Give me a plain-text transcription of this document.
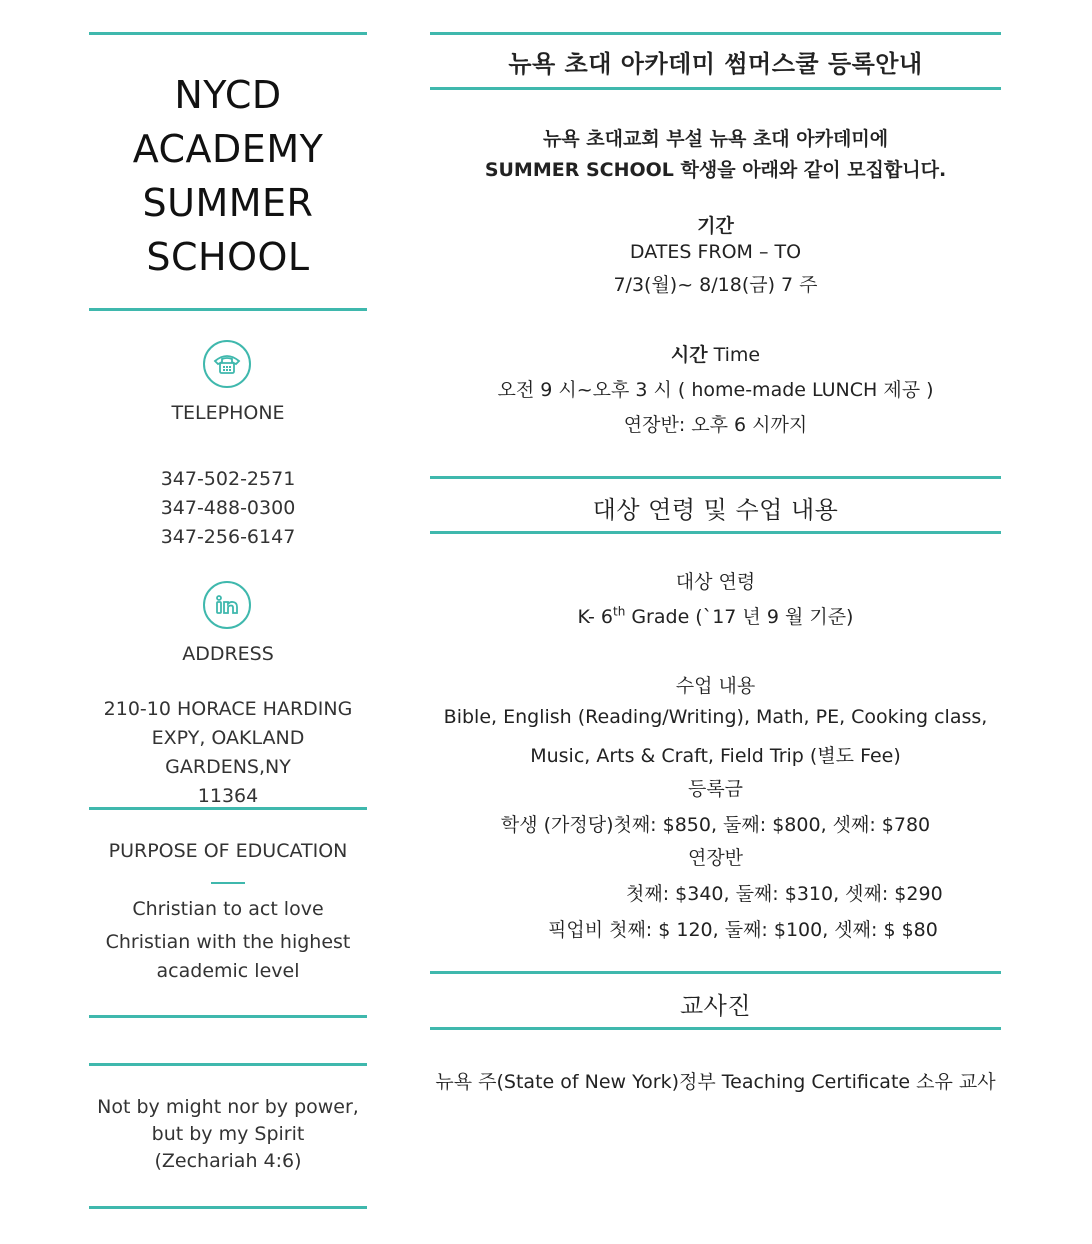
NYCD
ACADEMY
SUMMER
SCHOOL
TELEPHONE
347-502-2571
347-488-0300
347-256-6147
ADDRESS
210-10 HORACE HARDING
EXPY, OAKLAND GARDENS,NY
11364
PURPOSE OF EDUCATION
Christian to act love
Christian with the highest
academic level
Not by might nor by power,
but by my Spirit
(Zechariah 4:6)
뉴욕 초대 아카데미 썸머스쿨 등록안내
뉴욕 초대교회 부설 뉴욕 초대 아카데미에
SUMMER SCHOOL 학생을 아래와 같이 모집합니다.
기간
DATES FROM – TO
7/3(월)~ 8/18(금) 7 주
시간 Time
오전 9 시~오후 3 시 ( home-made LUNCH 제공 )
연장반: 오후 6 시까지
대상 연령 및 수업 내용
대상 연령
K- 6th Grade (`17 년 9 월 기준)
수업 내용
Bible, English (Reading/Writing), Math, PE, Cooking class,
Music, Arts & Craft, Field Trip (별도 Fee)
등록금
학생 (가정당)첫째: $850, 둘째: $800, 셋째: $780
연장반
첫째: $340, 둘째: $310, 셋째: $290
픽업비 첫째: $ 120, 둘째: $100, 셋째: $ $80
교사진
뉴욕 주(State of New York)정부 Teaching Certificate 소유 교사
